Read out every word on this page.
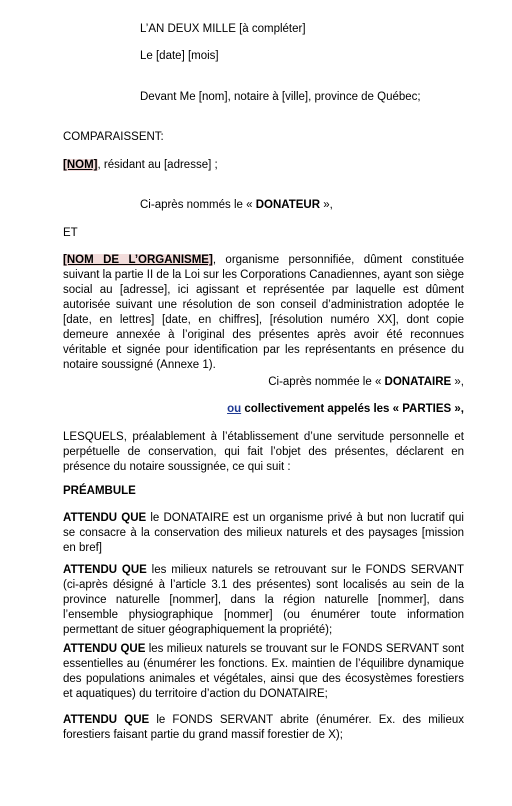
L’AN DEUX MILLE [à compléter]

Le [date] [mois]

Devant Me [nom], notaire à [ville], province de Québec;

COMPARAISSENT:

[NOM], résidant au [adresse] ;

Ci-après nommés le « DONATEUR »,

ET

[NOM DE L’ORGANISME], organisme personnifiée, dûment constituée suivant la partie II de la Loi sur les Corporations Canadiennes, ayant son siège social au [adresse], ici agissant et représentée par laquelle est dûment autorisée suivant une résolution de son conseil d’administration adoptée le [date, en lettres] [date, en chiffres], [résolution numéro XX], dont copie demeure annexée à l’original des présentes après avoir été reconnues véritable et signée pour identification par les représentants en présence du notaire soussigné (Annexe 1).

Ci-après nommée le « DONATAIRE »,

ou collectivement appelés les « PARTIES »,

LESQUELS, préalablement à l’établissement d’une servitude personnelle et perpétuelle de conservation, qui fait l’objet des présentes, déclarent en présence du notaire soussignée, ce qui suit :

PRÉAMBULE

ATTENDU QUE le DONATAIRE est un organisme privé à but non lucratif qui se consacre à la conservation des milieux naturels et des paysages [mission en bref]

ATTENDU QUE les milieux naturels se retrouvant sur le FONDS SERVANT (ci-après désigné à l’article 3.1 des présentes) sont localisés au sein de la province naturelle [nommer], dans la région naturelle [nommer], dans l’ensemble physiographique [nommer] (ou énumérer toute information permettant de situer géographiquement la propriété);

ATTENDU QUE les milieux naturels se trouvant sur le FONDS SERVANT sont essentielles au (énumérer les fonctions. Ex. maintien de l’équilibre dynamique des populations animales et végétales, ainsi que des écosystèmes forestiers et aquatiques) du territoire d’action du DONATAIRE;

ATTENDU QUE le FONDS SERVANT abrite (énumérer. Ex. des milieux forestiers faisant partie du grand massif forestier de X);
